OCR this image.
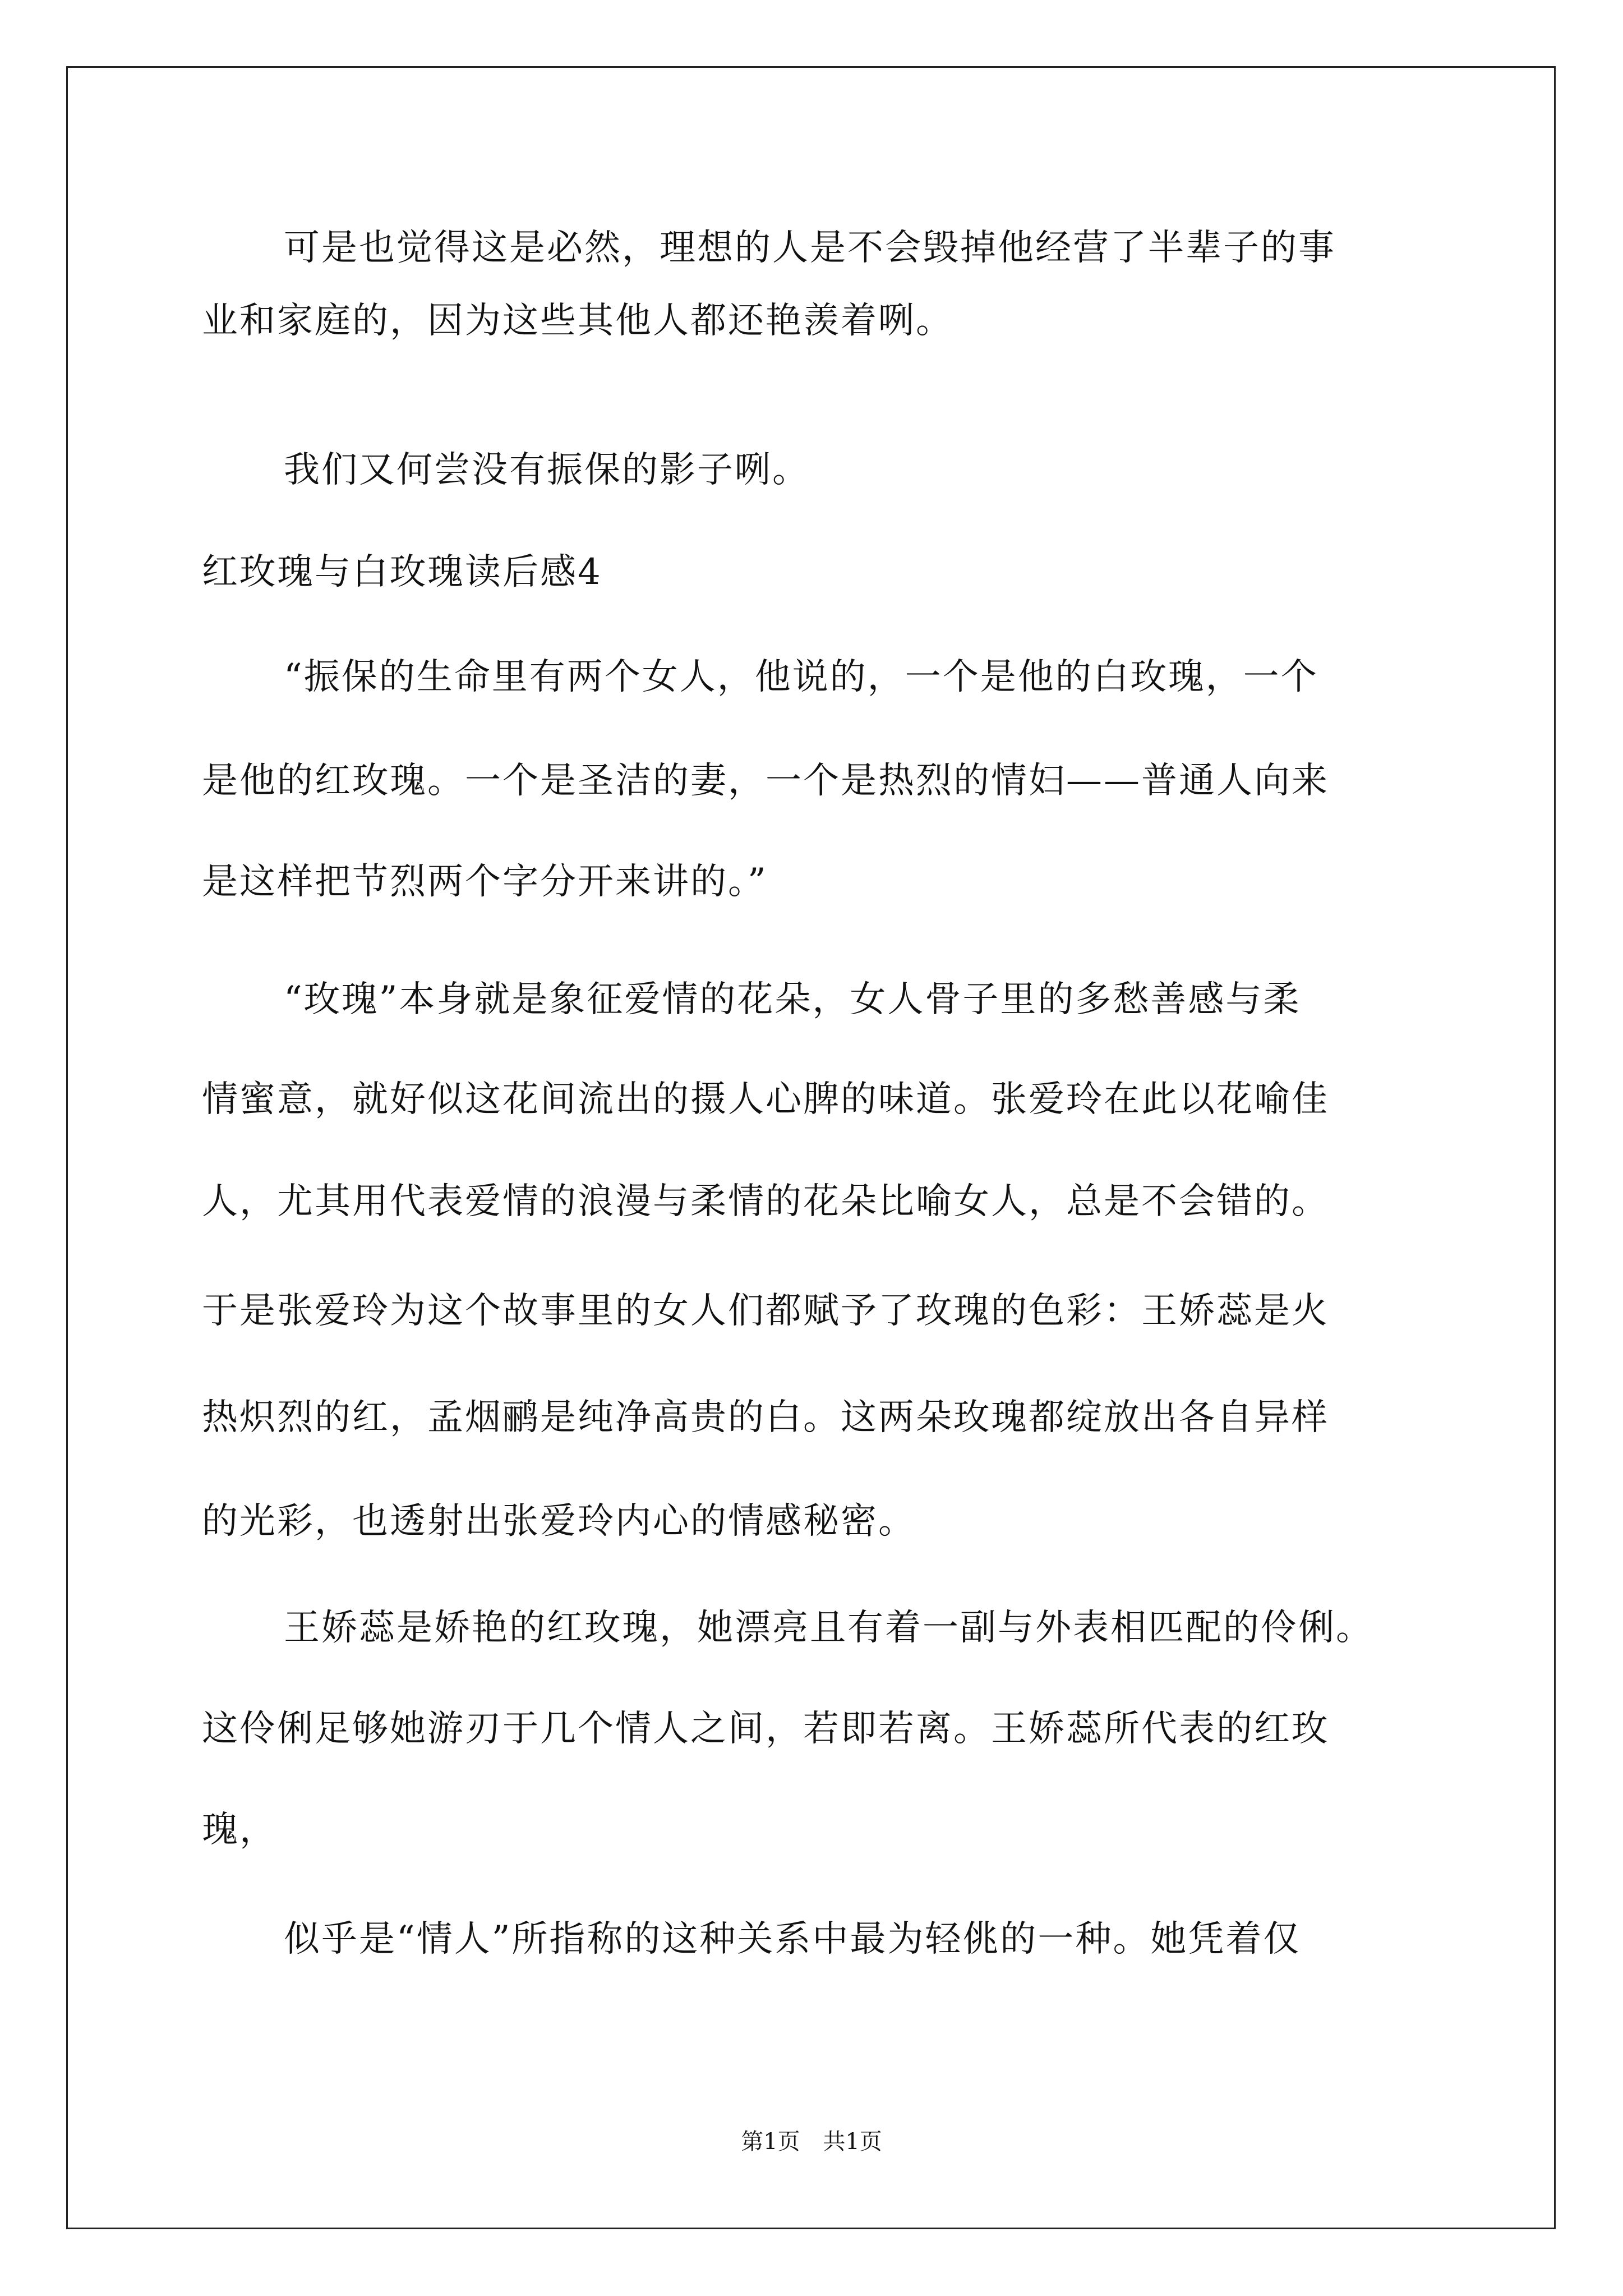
可是也觉得这是必然，理想的人是不会毁掉他经营了半辈子的事
业和家庭的，因为这些其他人都还艳羡着咧。
我们又何尝没有振保的影子咧。
红玫瑰与白玫瑰读后感4
“振保的生命里有两个女人，他说的，一个是他的白玫瑰，一个
是他的红玫瑰。一个是圣洁的妻，一个是热烈的情妇——普通人向来
是这样把节烈两个字分开来讲的。”
“玫瑰”本身就是象征爱情的花朵，女人骨子里的多愁善感与柔
情蜜意，就好似这花间流出的摄人心脾的味道。张爱玲在此以花喻佳
人，尤其用代表爱情的浪漫与柔情的花朵比喻女人，总是不会错的。
于是张爱玲为这个故事里的女人们都赋予了玫瑰的色彩：王娇蕊是火
热炽烈的红，孟烟鹂是纯净高贵的白。这两朵玫瑰都绽放出各自异样
的光彩，也透射出张爱玲内心的情感秘密。
王娇蕊是娇艳的红玫瑰，她漂亮且有着一副与外表相匹配的伶俐。
这伶俐足够她游刃于几个情人之间，若即若离。王娇蕊所代表的红玫
瑰，
似乎是“情人”所指称的这种关系中最为轻佻的一种。她凭着仅
第1页 共1页
